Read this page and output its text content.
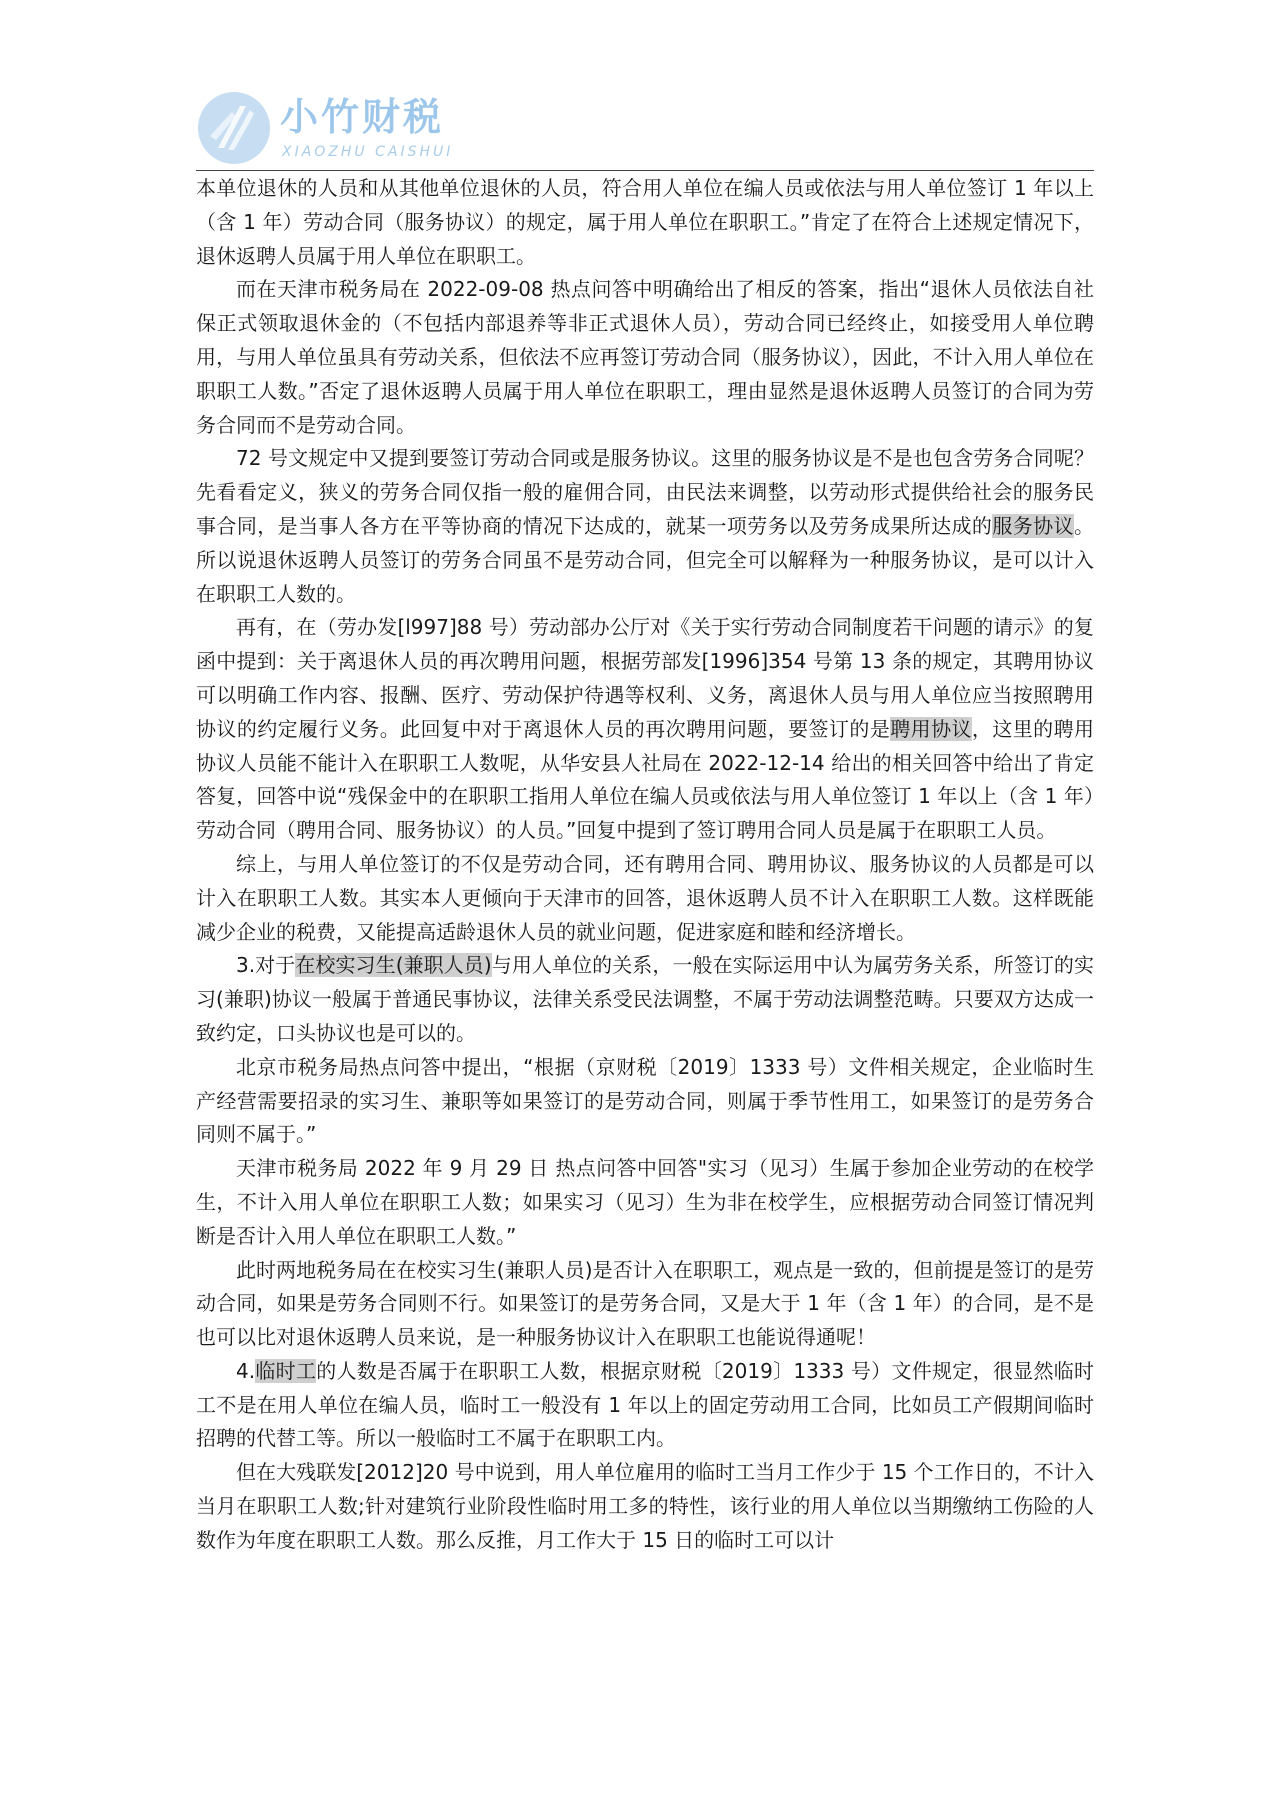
小竹财税
XIAOZHU CAISHUI

本单位退休的人员和从其他单位退休的人员，符合用人单位在编人员或依法与用人单位签订 1 年以上（含 1 年）劳动合同（服务协议）的规定，属于用人单位在职职工。”肯定了在符合上述规定情况下，退休返聘人员属于用人单位在职职工。

而在天津市税务局在 2022-09-08 热点问答中明确给出了相反的答案，指出“退休人员依法自社保正式领取退休金的（不包括内部退养等非正式退休人员），劳动合同已经终止，如接受用人单位聘用，与用人单位虽具有劳动关系，但依法不应再签订劳动合同（服务协议），因此，不计入用人单位在职职工人数。”否定了退休返聘人员属于用人单位在职职工，理由显然是退休返聘人员签订的合同为劳务合同而不是劳动合同。

72 号文规定中又提到要签订劳动合同或是服务协议。这里的服务协议是不是也包含劳务合同呢？先看看定义，狭义的劳务合同仅指一般的雇佣合同，由民法来调整，以劳动形式提供给社会的服务民事合同，是当事人各方在平等协商的情况下达成的，就某一项劳务以及劳务成果所达成的服务协议。所以说退休返聘人员签订的劳务合同虽不是劳动合同，但完全可以解释为一种服务协议，是可以计入在职职工人数的。

再有，在（劳办发[l997]88 号）劳动部办公厅对《关于实行劳动合同制度若干问题的请示》的复函中提到：关于离退休人员的再次聘用问题，根据劳部发[1996]354 号第 13 条的规定，其聘用协议可以明确工作内容、报酬、医疗、劳动保护待遇等权利、义务，离退休人员与用人单位应当按照聘用协议的约定履行义务。此回复中对于离退休人员的再次聘用问题，要签订的是聘用协议，这里的聘用协议人员能不能计入在职职工人数呢，从华安县人社局在 2022-12-14 给出的相关回答中给出了肯定答复，回答中说“残保金中的在职职工指用人单位在编人员或依法与用人单位签订 1 年以上（含 1 年）劳动合同（聘用合同、服务协议）的人员。”回复中提到了签订聘用合同人员是属于在职职工人员。

综上，与用人单位签订的不仅是劳动合同，还有聘用合同、聘用协议、服务协议的人员都是可以计入在职职工人数。其实本人更倾向于天津市的回答，退休返聘人员不计入在职职工人数。这样既能减少企业的税费，又能提高适龄退休人员的就业问题，促进家庭和睦和经济增长。

3.对于在校实习生(兼职人员)与用人单位的关系，一般在实际运用中认为属劳务关系，所签订的实习(兼职)协议一般属于普通民事协议，法律关系受民法调整，不属于劳动法调整范畴。只要双方达成一致约定，口头协议也是可以的。

北京市税务局热点问答中提出，“根据（京财税〔2019〕1333 号）文件相关规定，企业临时生产经营需要招录的实习生、兼职等如果签订的是劳动合同，则属于季节性用工，如果签订的是劳务合同则不属于。”

天津市税务局 2022 年 9 月 29 日 热点问答中回答"实习（见习）生属于参加企业劳动的在校学生，不计入用人单位在职职工人数；如果实习（见习）生为非在校学生，应根据劳动合同签订情况判断是否计入用人单位在职职工人数。”

此时两地税务局在在校实习生(兼职人员)是否计入在职职工，观点是一致的，但前提是签订的是劳动合同，如果是劳务合同则不行。如果签订的是劳务合同，又是大于 1 年（含 1 年）的合同，是不是也可以比对退休返聘人员来说，是一种服务协议计入在职职工也能说得通呢！

4.临时工的人数是否属于在职职工人数，根据京财税〔2019〕1333 号）文件规定，很显然临时工不是在用人单位在编人员，临时工一般没有 1 年以上的固定劳动用工合同，比如员工产假期间临时招聘的代替工等。所以一般临时工不属于在职职工内。

但在大残联发[2012]20 号中说到，用人单位雇用的临时工当月工作少于 15 个工作日的，不计入当月在职职工人数;针对建筑行业阶段性临时用工多的特性，该行业的用人单位以当期缴纳工伤险的人数作为年度在职职工人数。那么反推，月工作大于 15 日的临时工可以计
